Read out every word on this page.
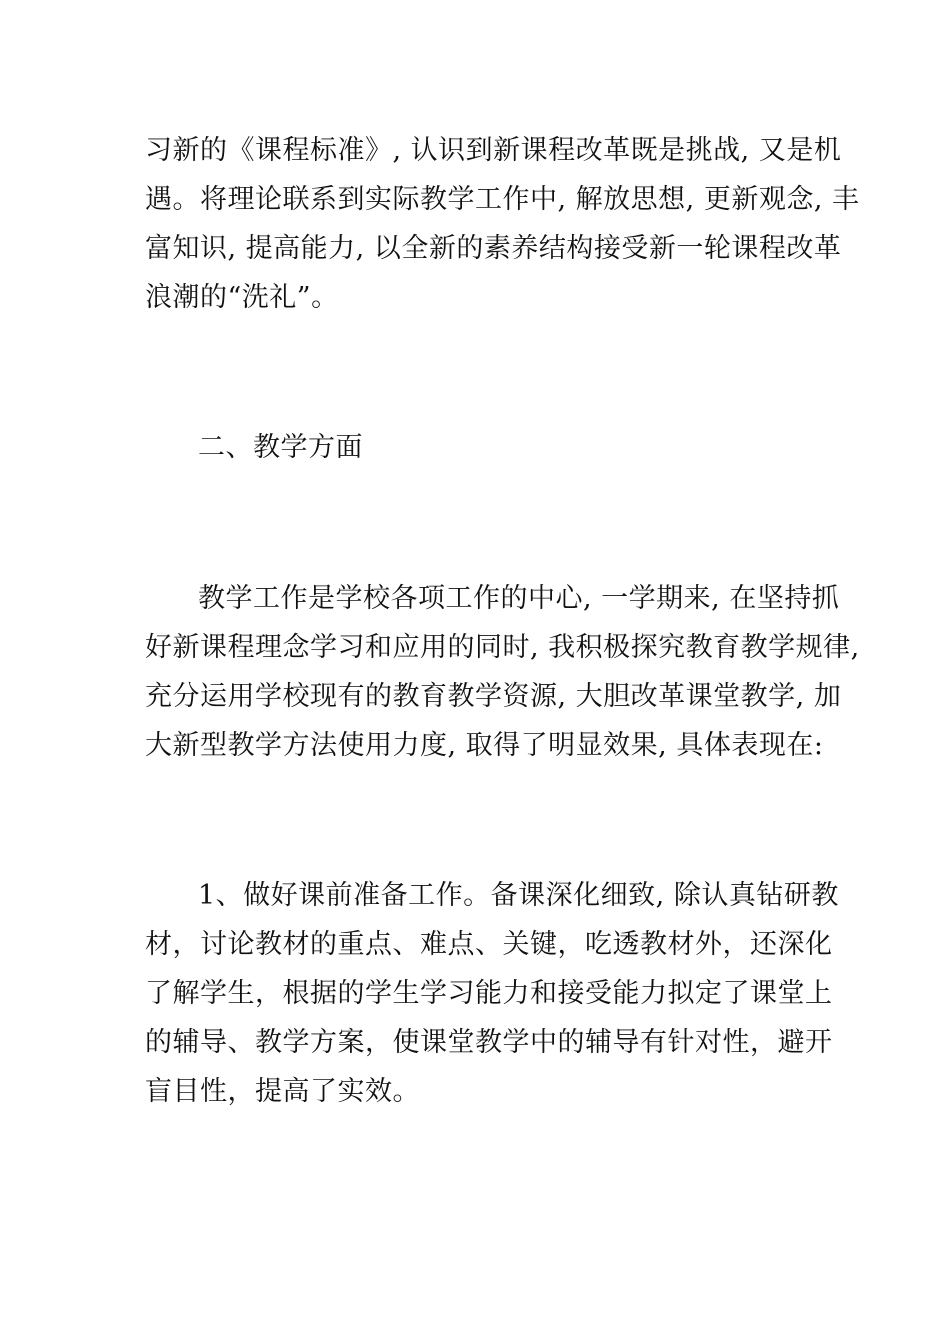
习新的《课程标准》, 认识到新课程改革既是挑战, 又是机
遇。将理论联系到实际教学工作中, 解放思想, 更新观念, 丰
富知识, 提高能力, 以全新的素养结构接受新一轮课程改革
浪潮的“洗礼”。
二、教学方面
教学工作是学校各项工作的中心, 一学期来, 在坚持抓
好新课程理念学习和应用的同时, 我积极探究教育教学规律,
充分运用学校现有的教育教学资源, 大胆改革课堂教学, 加
大新型教学方法使用力度, 取得了明显效果, 具体表现在:
1、做好课前准备工作。备课深化细致, 除认真钻研教
材，讨论教材的重点、难点、关键，吃透教材外，还深化
了解学生，根据的学生学习能力和接受能力拟定了课堂上
的辅导、教学方案，使课堂教学中的辅导有针对性，避开
盲目性，提高了实效。
